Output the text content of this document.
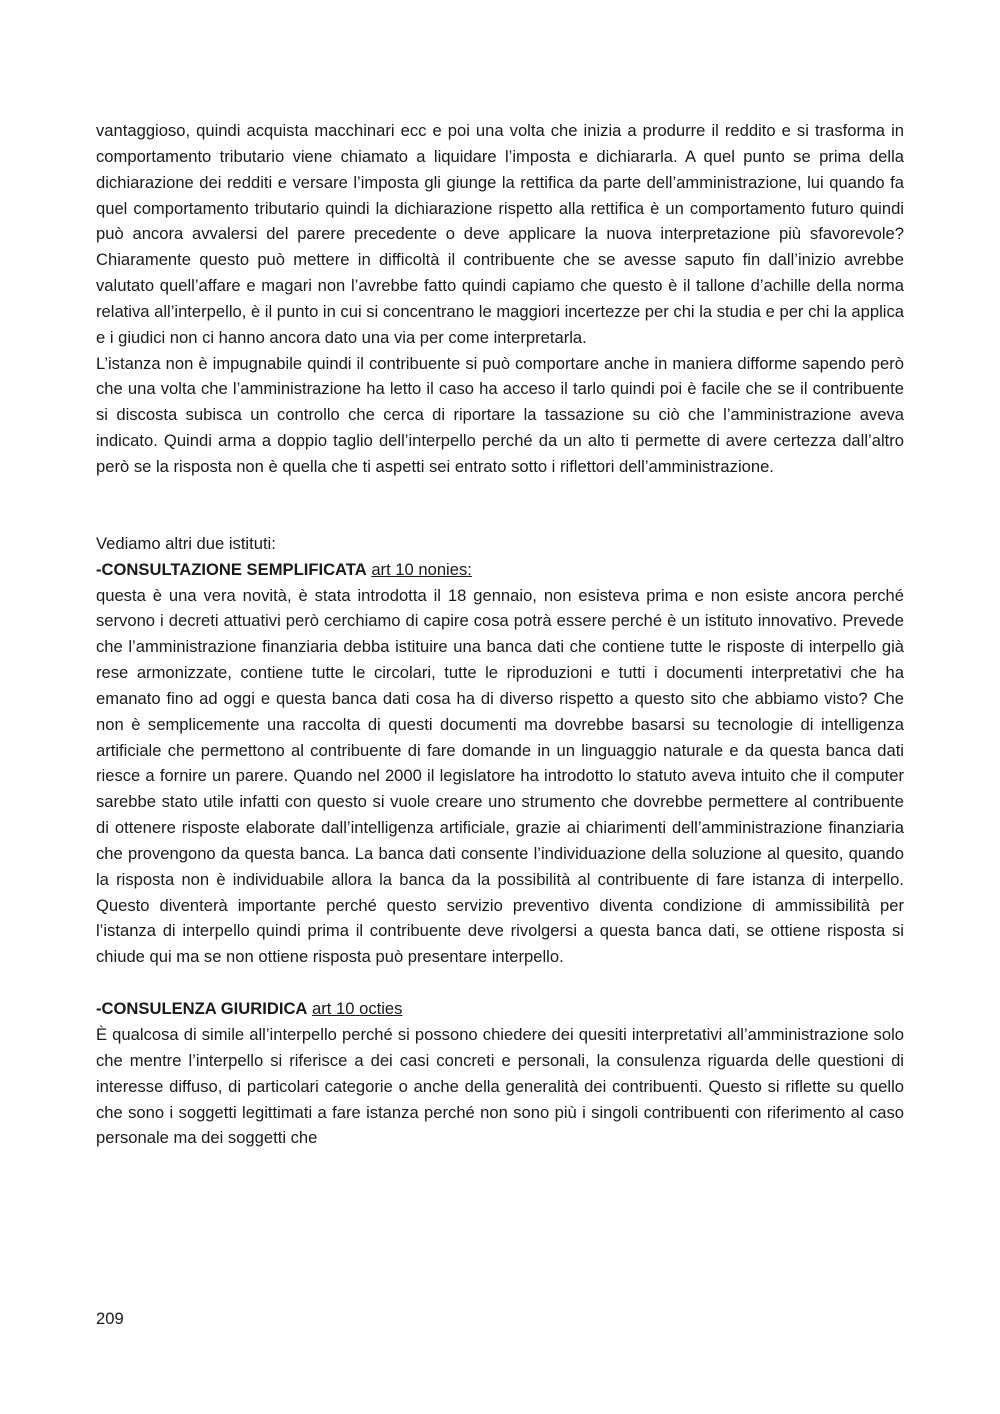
vantaggioso, quindi acquista macchinari ecc e poi una volta che inizia a produrre il reddito e si trasforma in comportamento tributario viene chiamato a liquidare l’imposta e dichiararla. A quel punto se prima della dichiarazione dei redditi e versare l’imposta gli giunge la rettifica da parte dell’amministrazione, lui quando fa quel comportamento tributario quindi la dichiarazione rispetto alla rettifica è un comportamento futuro quindi può ancora avvalersi del parere precedente o deve applicare la nuova interpretazione più sfavorevole? Chiaramente questo può mettere in difficoltà il contribuente che se avesse saputo fin dall’inizio avrebbe valutato quell’affare e magari non l’avrebbe fatto quindi capiamo che questo è il tallone d’achille della norma relativa all’interpello, è il punto in cui si concentrano le maggiori incertezze per chi la studia e per chi la applica e i giudici non ci hanno ancora dato una via per come interpretarla.

L’istanza non è impugnabile quindi il contribuente si può comportare anche in maniera difforme sapendo però che una volta che l’amministrazione ha letto il caso ha acceso il tarlo quindi poi è facile che se il contribuente si discosta subisca un controllo che cerca di riportare la tassazione su ciò che l’amministrazione aveva indicato. Quindi arma a doppio taglio dell’interpello perché da un alto ti permette di avere certezza dall’altro però se la risposta non è quella che ti aspetti sei entrato sotto i riflettori dell’amministrazione.

Vediamo altri due istituti:

-CONSULTAZIONE SEMPLIFICATA art 10 nonies:

questa è una vera novità, è stata introdotta il 18 gennaio, non esisteva prima e non esiste ancora perché servono i decreti attuativi però cerchiamo di capire cosa potrà essere perché è un istituto innovativo. Prevede che l’amministrazione finanziaria debba istituire una banca dati che contiene tutte le risposte di interpello già rese armonizzate, contiene tutte le circolari, tutte le riproduzioni e tutti i documenti interpretativi che ha emanato fino ad oggi e questa banca dati cosa ha di diverso rispetto a questo sito che abbiamo visto? Che non è semplicemente una raccolta di questi documenti ma dovrebbe basarsi su tecnologie di intelligenza artificiale che permettono al contribuente di fare domande in un linguaggio naturale e da questa banca dati riesce a fornire un parere. Quando nel 2000 il legislatore ha introdotto lo statuto aveva intuito che il computer sarebbe stato utile infatti con questo si vuole creare uno strumento che dovrebbe permettere al contribuente di ottenere risposte elaborate dall’intelligenza artificiale, grazie ai chiarimenti dell’amministrazione finanziaria che provengono da questa banca. La banca dati consente l’individuazione della soluzione al quesito, quando la risposta non è individuabile allora la banca da la possibilità al contribuente di fare istanza di interpello. Questo diventerà importante perché questo servizio preventivo diventa condizione di ammissibilità per l’istanza di interpello quindi prima il contribuente deve rivolgersi a questa banca dati, se ottiene risposta si chiude qui ma se non ottiene risposta può presentare interpello.

-CONSULENZA GIURIDICA art 10 octies

È qualcosa di simile all’interpello perché si possono chiedere dei quesiti interpretativi all’amministrazione solo che mentre l’interpello si riferisce a dei casi concreti e personali, la consulenza riguarda delle questioni di interesse diffuso, di particolari categorie o anche della generalità dei contribuenti. Questo si riflette su quello che sono i soggetti legittimati a fare istanza perché non sono più i singoli contribuenti con riferimento al caso personale ma dei soggetti che

209
